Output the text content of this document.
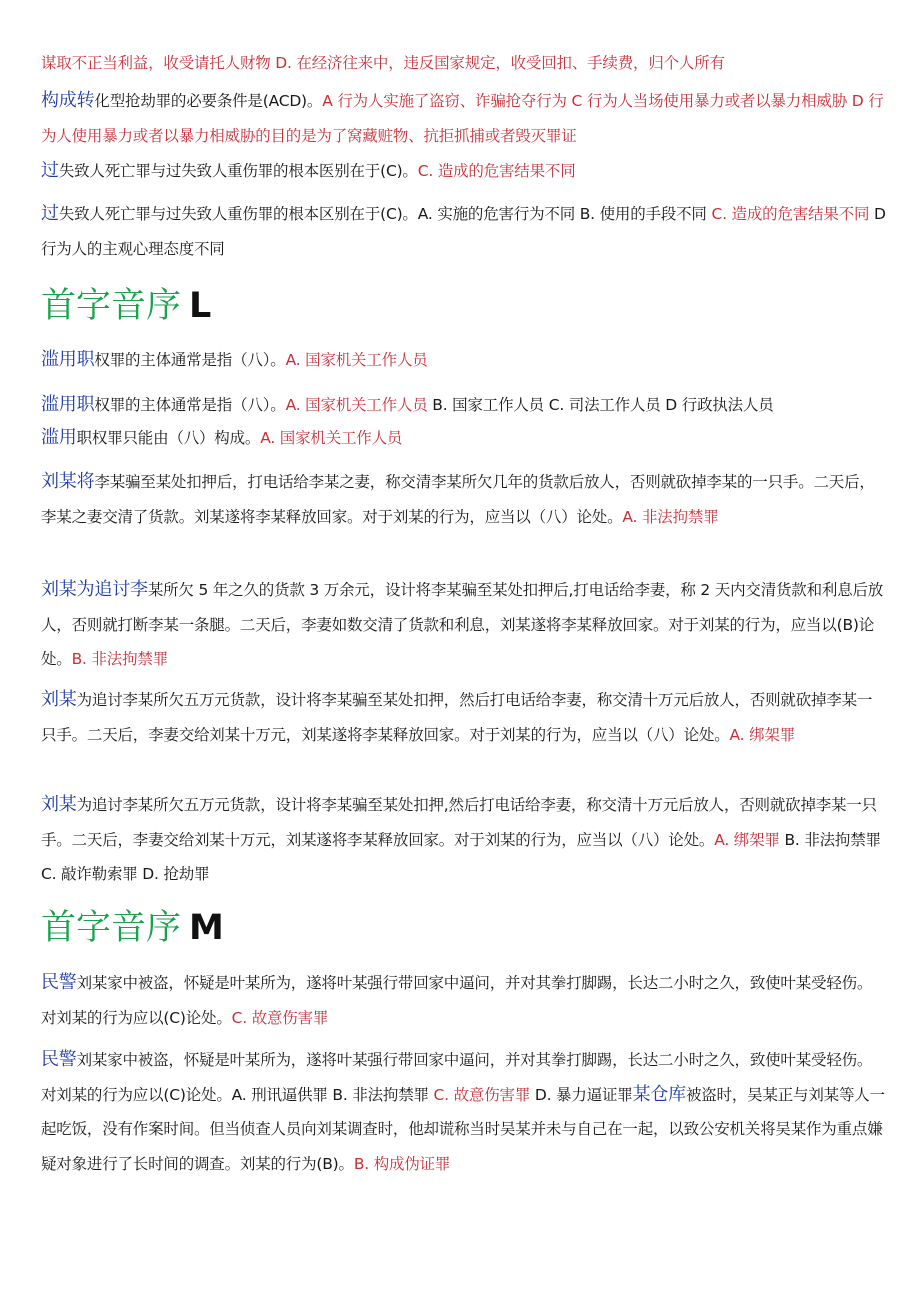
谋取不正当利益，收受请托人财物 D. 在经济往来中，违反国家规定，收受回扣、手续费，归个人所有

构成转化型抢劫罪的必要条件是(ACD)。A 行为人实施了盗窃、诈骗抢夺行为 C 行为人当场使用暴力或者以暴力相威胁 D 行为人使用暴力或者以暴力相威胁的目的是为了窝藏赃物、抗拒抓捕或者毁灭罪证

过失致人死亡罪与过失致人重伤罪的根本医别在于(C)。C. 造成的危害结果不同

过失致人死亡罪与过失致人重伤罪的根本区别在于(C)。A. 实施的危害行为不同 B. 使用的手段不同 C. 造成的危害结果不同 D 行为人的主观心理态度不同

首字音序 L

滥用职权罪的主体通常是指（八）。A. 国家机关工作人员

滥用职权罪的主体通常是指（八）。A. 国家机关工作人员 B. 国家工作人员 C. 司法工作人员 D 行政执法人员

滥用职权罪只能由（八）构成。A. 国家机关工作人员

刘某将李某骗至某处扣押后，打电话给李某之妻，称交清李某所欠几年的货款后放人，否则就砍掉李某的一只手。二天后，李某之妻交清了货款。刘某遂将李某释放回家。对于刘某的行为，应当以（八）论处。A. 非法拘禁罪

刘某为追讨李某所欠 5 年之久的货款 3 万余元，设计将李某骗至某处扣押后,打电话给李妻，称 2 天内交清货款和利息后放人，否则就打断李某一条腿。二天后，李妻如数交清了货款和利息，刘某遂将李某释放回家。对于刘某的行为，应当以(B)论处。B. 非法拘禁罪

刘某为追讨李某所欠五万元货款，设计将李某骗至某处扣押，然后打电话给李妻，称交清十万元后放人，否则就砍掉李某一只手。二天后，李妻交给刘某十万元，刘某遂将李某释放回家。对于刘某的行为，应当以（八）论处。A. 绑架罪

刘某为追讨李某所欠五万元货款，设计将李某骗至某处扣押,然后打电话给李妻，称交清十万元后放人，否则就砍掉李某一只手。二天后，李妻交给刘某十万元，刘某遂将李某释放回家。对于刘某的行为，应当以（八）论处。A. 绑架罪 B. 非法拘禁罪 C. 敲诈勒索罪 D. 抢劫罪

首字音序 M

民警刘某家中被盗，怀疑是叶某所为，遂将叶某强行带回家中逼问，并对其拳打脚踢，长达二小时之久，致使叶某受轻伤。对刘某的行为应以(C)论处。C. 故意伤害罪

民警刘某家中被盗，怀疑是叶某所为，遂将叶某强行带回家中逼问，并对其拳打脚踢，长达二小时之久，致使叶某受轻伤。对刘某的行为应以(C)论处。A. 刑讯逼供罪 B. 非法拘禁罪 C. 故意伤害罪 D. 暴力逼证罪某仓库被盗时，吴某正与刘某等人一起吃饭，没有作案时间。但当侦查人员向刘某调查时，他却谎称当时吴某并未与自己在一起，以致公安机关将吴某作为重点嫌疑对象进行了长时间的调查。刘某的行为(B)。B. 构成伪证罪
